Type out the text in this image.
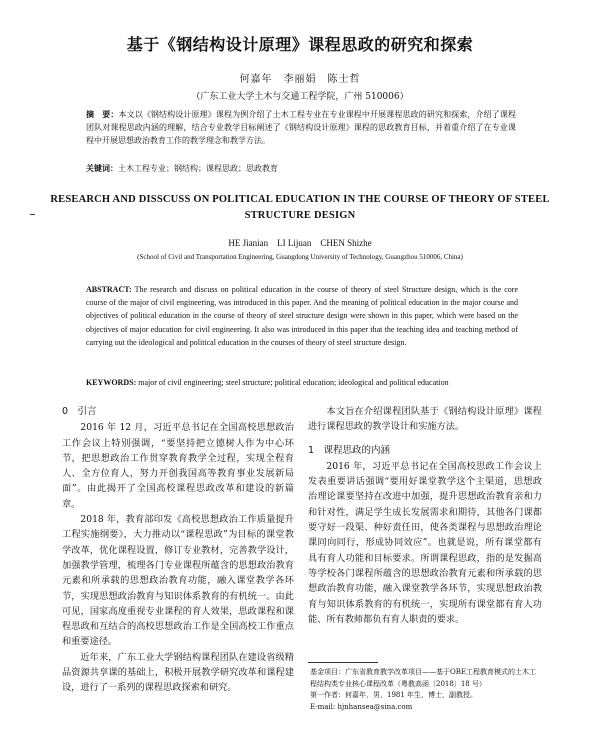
基于《钢结构设计原理》课程思政的研究和探索
何嘉年　李丽娟　陈士哲
（广东工业大学土木与交通工程学院，广州 510006）
摘　要：本文以《钢结构设计原理》课程为例介绍了土木工程专业在专业课程中开展课程思政的研究和探索，介绍了课程团队对课程思政内涵的理解，结合专业教学目标阐述了《钢结构设计原理》课程的思政教育目标，并着重介绍了在专业课程中开展思想政治教育工作的教学理念和教学方法。
关键词：土木工程专业；钢结构；课程思政；思政教育
RESEARCH AND DISSCUSS ON POLITICAL EDUCATION IN THE COURSE OF THEORY OF STEEL STRUCTURE DESIGN
HE Jianian　LI Lijuan　CHEN Shizhe
(School of Civil and Transportation Engineering, Guangdong University of Technology, Guangzhou 510006, China)
ABSTRACT: The research and discuss on political education in the course of theory of steel Structure design, which is the core course of the major of civil engineering, was introduced in this paper. And the meaning of political education in the major course and objectives of political education in the course of theory of steel structure design were shown in this paper, which were based on the objectives of major education for civil engineering. It also was introduced in this paper that the teaching idea and teaching method of carrying out the ideological and political education in the courses of theory of steel structure design.
KEYWORDS: major of civil engineering; steel structure; political education; ideological and political education

0　引言

2016 年 12 月，习近平总书记在全国高校思想政治工作会议上特别强调，“要坚持把立德树人作为中心环节，把思想政治工作贯穿教育教学全过程，实现全程育人、全方位育人，努力开创我国高等教育事业发展新局面”。由此揭开了全国高校课程思政改革和建设的新篇章。

2018 年，教育部印发《高校思想政治工作质量提升工程实施纲要》，大力推动以“课程思政”为目标的课堂教学改革，优化课程设置，修订专业教材，完善教学设计，加强教学管理，梳理各门专业课程所蕴含的思想政治教育元素和所承载的思想政治教育功能，融入课堂教学各环节，实现思想政治教育与知识体系教育的有机统一。由此可见，国家高度重视专业课程的育人效果，思政课程和课程思政和互结合的高校思想政治工作是全国高校工作重点和重要途径。

近年来，广东工业大学钢结构课程团队在建设省级精品资源共享课的基础上，积极开展教学研究改革和课程建设，进行了一系列的课程思政探索和研究。

本文旨在介绍课程团队基于《钢结构设计原理》课程进行课程思政的教学设计和实施方法。

1　课程思政的内涵

2016 年，习近平总书记在全国高校思政工作会议上发表重要讲话强调“要用好课堂教学这个主渠道，思想政治理论课要坚持在改进中加强，提升思想政治教育亲和力和针对性，满足学生成长发展需求和期待，其他各门课都要守好一段渠、种好责任田，使各类课程与思想政治理论课同向同行，形成协同效应”。也就是说，所有课堂都有具有育人功能和目标要求。所谓课程思政，指的是发掘高等学校各门课程所蕴含的思想政治教育元素和所承载的思想政治教育功能，融入课堂教学各环节，实现思想政治教育与知识体系教育的有机统一，实现所有课堂都有育人功能、所有教师都负有育人职责的要求。

基金项目：广东省教育教学改革项目——基于OBE工程教育模式的土木工程结构类专业核心课程改革（粤教高函〔2018〕18 号）

第一作者：何嘉年，男，1981 年生，博士，副教授。

E-mail: hjnhansea@sina.com
